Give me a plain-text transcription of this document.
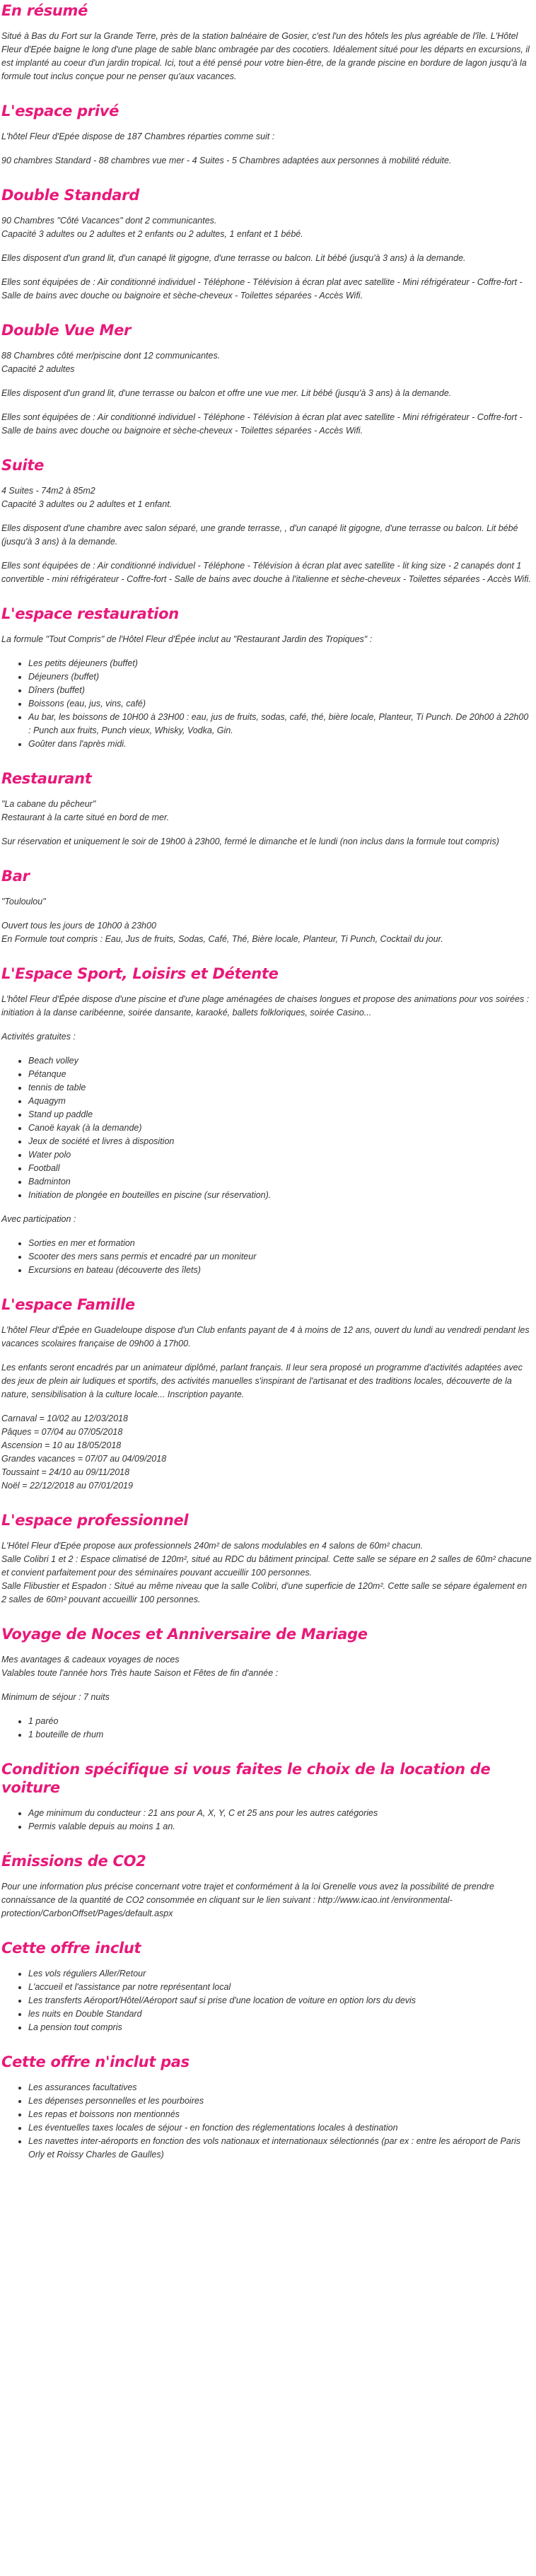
En résumé

Situé à Bas du Fort sur la Grande Terre, près de la station balnéaire de Gosier, c'est l'un des hôtels les plus agréable de l'île. L'Hôtel Fleur d'Epée baigne le long d'une plage de sable blanc ombragée par des cocotiers. Idéalement situé pour les départs en excursions, il est implanté au coeur d'un jardin tropical. Ici, tout a été pensé pour votre bien-être, de la grande piscine en bordure de lagon jusqu'à la formule tout inclus conçue pour ne penser qu'aux vacances.

L'espace privé

L'hôtel Fleur d'Epée dispose de 187 Chambres réparties comme suit :

90 chambres Standard - 88 chambres vue mer - 4 Suites - 5 Chambres adaptées aux personnes à mobilité réduite.

Double Standard

90 Chambres "Côté Vacances" dont 2 communicantes.
Capacité 3 adultes ou 2 adultes et 2 enfants ou 2 adultes, 1 enfant et 1 bébé.

Elles disposent d'un grand lit, d'un canapé lit gigogne, d'une terrasse ou balcon. Lit bébé (jusqu'à 3 ans) à la demande.

Elles sont équipées de : Air conditionné individuel - Téléphone - Télévision à écran plat avec satellite - Mini réfrigérateur - Coffre-fort - Salle de bains avec douche ou baignoire et sèche-cheveux - Toilettes séparées - Accès Wifi.

Double Vue Mer

88 Chambres côté mer/piscine dont 12 communicantes.
Capacité 2 adultes

Elles disposent d'un grand lit, d'une terrasse ou balcon et offre une vue mer. Lit bébé (jusqu'à 3 ans) à la demande.

Elles sont équipées de : Air conditionné individuel - Téléphone - Télévision à écran plat avec satellite - Mini réfrigérateur - Coffre-fort - Salle de bains avec douche ou baignoire et sèche-cheveux - Toilettes séparées - Accès Wifi.

Suite

4 Suites - 74m2 à 85m2
Capacité 3 adultes ou 2 adultes et 1 enfant.

Elles disposent d'une chambre avec salon séparé, une grande terrasse, , d'un canapé lit gigogne, d'une terrasse ou balcon. Lit bébé (jusqu'à 3 ans) à la demande.

Elles sont équipées de : Air conditionné individuel - Téléphone - Télévision à écran plat avec satellite - lit king size - 2 canapés dont 1 convertible - mini réfrigérateur - Coffre-fort - Salle de bains avec douche à l'italienne et sèche-cheveux - Toilettes séparées - Accès Wifi.

L'espace restauration

La formule "Tout Compris" de l'Hôtel Fleur d'Épée inclut au "Restaurant Jardin des Tropiques" :

• Les petits déjeuners (buffet)
• Déjeuners (buffet)
• Dîners (buffet)
• Boissons (eau, jus, vins, café)
• Au bar, les boissons de 10H00 à 23H00 : eau, jus de fruits, sodas, café, thé, bière locale, Planteur, Ti Punch. De 20h00 à 22h00 : Punch aux fruits, Punch vieux, Whisky, Vodka, Gin.
• Goûter dans l'après midi.
Restaurant

"La cabane du pêcheur"
Restaurant à la carte situé en bord de mer.

Sur réservation et uniquement le soir de 19h00 à 23h00, fermé le dimanche et le lundi (non inclus dans la formule tout compris)

Bar

"Touloulou"

Ouvert tous les jours de 10h00 à 23h00
En Formule tout compris : Eau, Jus de fruits, Sodas, Café, Thé, Bière locale, Planteur, Ti Punch, Cocktail du jour.

L'Espace Sport, Loisirs et Détente

L'hôtel Fleur d'Épée dispose d'une piscine et d'une plage aménagées de chaises longues et propose des animations pour vos soirées : initiation à la danse caribéenne, soirée dansante, karaoké, ballets folkloriques, soirée Casino...

Activités gratuites :

• Beach volley
• Pétanque
• tennis de table
• Aquagym
• Stand up paddle
• Canoë kayak (à la demande)
• Jeux de société et livres à disposition
• Water polo
• Football
• Badminton
• Initiation de plongée en bouteilles en piscine (sur réservation).

Avec participation :

• Sorties en mer et formation
• Scooter des mers sans permis et encadré par un moniteur
• Excursions en bateau (découverte des îlets)
L'espace Famille

L'hôtel Fleur d'Épée en Guadeloupe dispose d'un Club enfants payant de 4 à moins de 12 ans, ouvert du lundi au vendredi pendant les vacances scolaires française de 09h00 à 17h00.

Les enfants seront encadrés par un animateur diplômé, parlant français. Il leur sera proposé un programme d'activités adaptées avec des jeux de plein air ludiques et sportifs, des activités manuelles s'inspirant de l'artisanat et des traditions locales, découverte de la nature, sensibilisation à la culture locale... Inscription payante.

Carnaval = 10/02 au 12/03/2018
Pâques = 07/04 au 07/05/2018
Ascension = 10 au 18/05/2018
Grandes vacances = 07/07 au 04/09/2018
Toussaint = 24/10 au 09/11/2018
Noël = 22/12/2018 au 07/01/2019

L'espace professionnel

L'Hôtel Fleur d'Epée propose aux professionnels 240m² de salons modulables en 4 salons de 60m² chacun.
Salle Colibri 1 et 2 : Espace climatisé de 120m², situé au RDC du bâtiment principal. Cette salle se sépare en 2 salles de 60m² chacune et convient parfaitement pour des séminaires pouvant accueillir 100 personnes.
Salle Flibustier et Espadon : Situé au même niveau que la salle Colibri, d'une superficie de 120m². Cette salle se sépare également en 2 salles de 60m² pouvant accueillir 100 personnes.

Voyage de Noces et Anniversaire de Mariage

Mes avantages & cadeaux voyages de noces
Valables toute l'année hors Très haute Saison et Fêtes de fin d'année :

Minimum de séjour : 7 nuits

• 1 paréo
• 1 bouteille de rhum
Condition spécifique si vous faites le choix de la location de voiture
• Age minimum du conducteur : 21 ans pour A, X, Y, C et 25 ans pour les autres catégories
• Permis valable depuis au moins 1 an.
Émissions de CO2

Pour une information plus précise concernant votre trajet et conformément à la loi Grenelle vous avez la possibilité de prendre connaissance de la quantité de CO2 consommée en cliquant sur le lien suivant : http://www.icao.int /environmental-protection/CarbonOffset/Pages/default.aspx

Cette offre inclut
• Les vols réguliers Aller/Retour
• L'accueil et l'assistance par notre représentant local
• Les transferts Aéroport/Hôtel/Aéroport sauf si prise d'une location de voiture en option lors du devis
• les nuits en Double Standard
• La pension tout compris
Cette offre n'inclut pas
• Les assurances facultatives
• Les dépenses personnelles et les pourboires
• Les repas et boissons non mentionnés
• Les éventuelles taxes locales de séjour - en fonction des réglementations locales à destination
• Les navettes inter-aéroports en fonction des vols nationaux et internationaux sélectionnés (par ex : entre les aéroport de Paris Orly et Roissy Charles de Gaulles)
